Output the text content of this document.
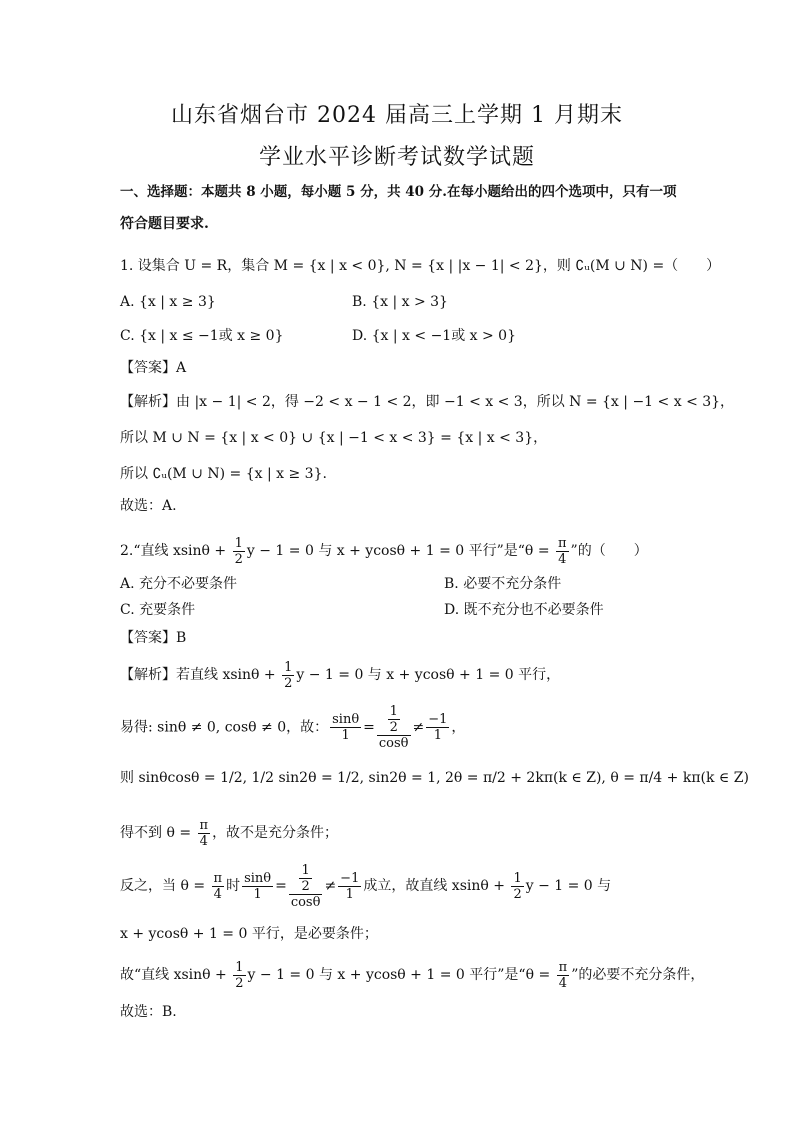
山东省烟台市 2024 届高三上学期 1 月期末
学业水平诊断考试数学试题
一、选择题：本题共 8 小题，每小题 5 分，共 40 分.在每小题给出的四个选项中，只有一项
符合题目要求.
1. 设集合 U = R，集合 M = {x | x < 0}, N = {x | |x − 1| < 2}，则 ∁ᵤ(M ∪ N) =（　　）
A. {x | x ≥ 3}	B. {x | x > 3}
C. {x | x ≤ −1或 x ≥ 0}	D. {x | x < −1或 x > 0}
【答案】A
【解析】由 |x − 1| < 2，得 −2 < x − 1 < 2，即 −1 < x < 3，所以 N = {x | −1 < x < 3}，
所以 M ∪ N = {x | x < 0} ∪ {x | −1 < x < 3} = {x | x < 3}，
所以 ∁ᵤ(M ∪ N) = {x | x ≥ 3}.
故选：A.
2.“直线 $xsin\theta + \frac{1}{2}$ y − 1 = 0 与 x + ycosθ + 1 = 0 平行”是“$\theta = \frac{\pi}{4}$ ”的（　　）
A. 充分不必要条件	B. 必要不充分条件
C. 充要条件	D. 既不充分也不必要条件
【答案】B
【解析】若直线 $xsin\theta + \frac{1}{2}$ y − 1 = 0 与 x + ycosθ + 1 = 0 平行，
易得: sinθ ≠ 0, cosθ ≠ 0，故： $\frac{\sin\theta}{1} = \frac{\frac{1}{2}}{\cos\theta} \ne \frac{-1}{1}$ ，
则 sinθcosθ = 1/2, 1/2 sin2θ = 1/2, sin2θ = 1, 2θ = π/2 + 2kπ(k ∈ Z), θ = π/4 + kπ(k ∈ Z)
得不到 $\theta = \frac{\pi}{4}$ ，故不是充分条件；
反之，当 $\theta = \frac{\pi}{4}$ 时 $\frac{\sin\theta}{1} = \frac{\frac{1}{2}}{\cos\theta} \ne \frac{-1}{1}$ 成立，故直线 $xsin\theta + \frac{1}{2}$ y − 1 = 0 与
x + ycosθ + 1 = 0 平行，是必要条件；
故“直线 $xsin\theta + \frac{1}{2}$ y − 1 = 0 与 x + ycosθ + 1 = 0 平行”是“$\theta = \frac{\pi}{4}$ ”的必要不充分条件，
故选：B.
